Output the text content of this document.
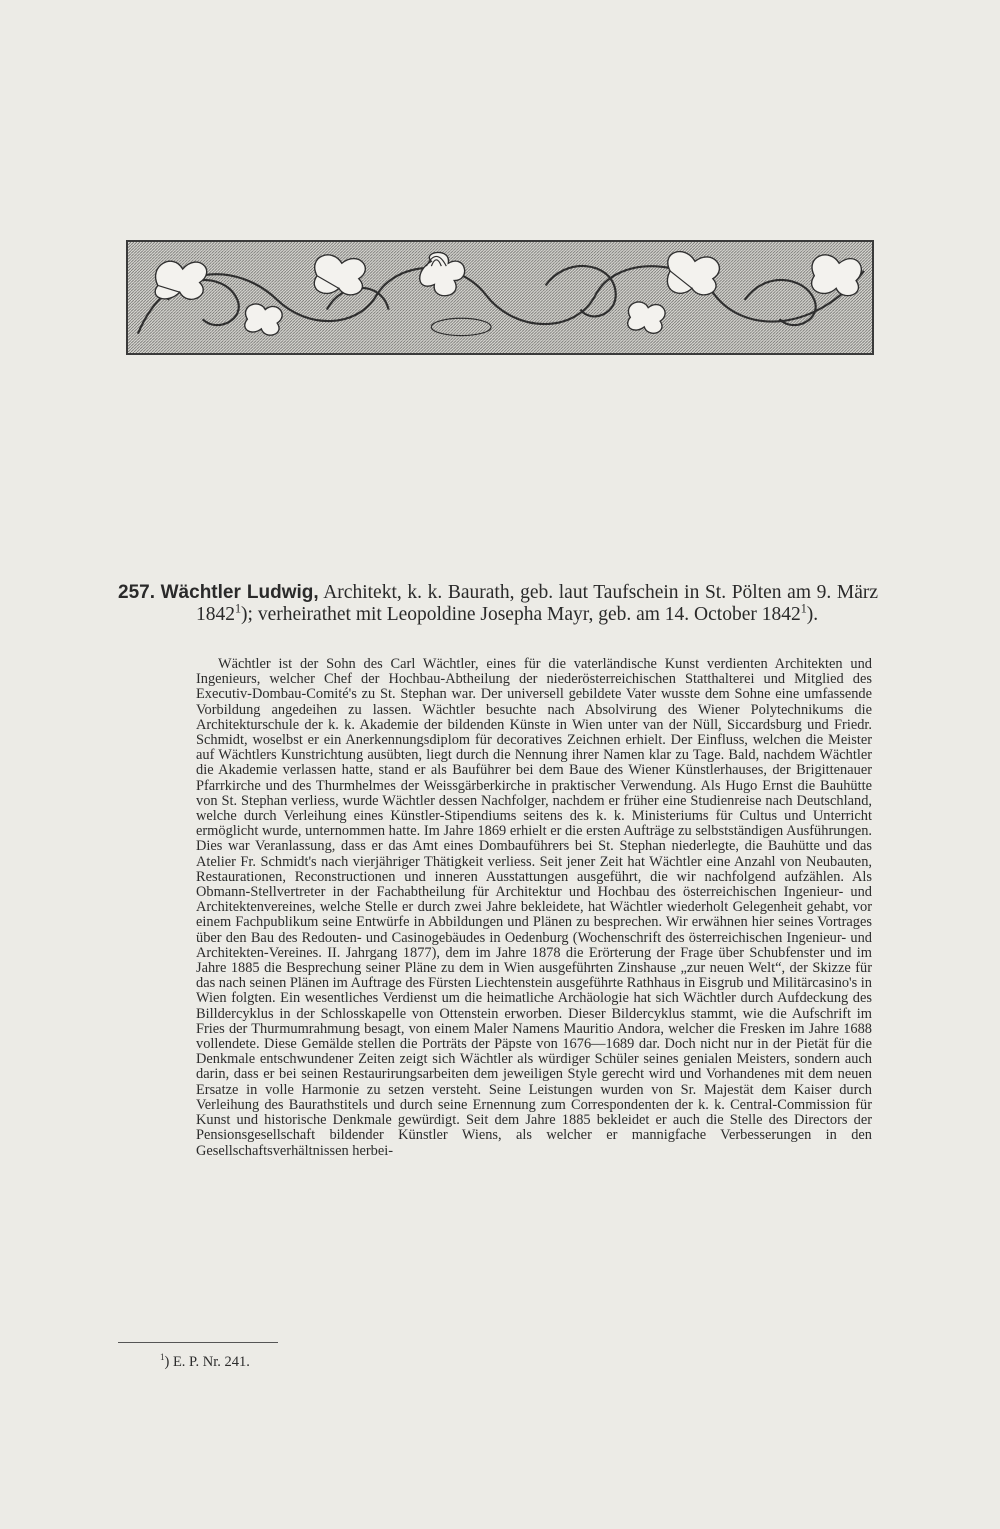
257. Wächtler Ludwig, Architekt, k. k. Baurath, geb. laut Taufschein in St. Pölten am 9. März 1842$^1$); verheirathet mit Leopoldine Josepha Mayr, geb. am 14. October 1842$^1$).
Wächtler ist der Sohn des Carl Wächtler, eines für die vaterländische Kunst verdienten Architekten und Ingenieurs, welcher Chef der Hochbau-Abtheilung der niederösterreichischen Statthalterei und Mitglied des Executiv-Dombau-Comité's zu St. Stephan war. Der universell gebildete Vater wusste dem Sohne eine umfassende Vorbildung angedeihen zu lassen. Wächtler besuchte nach Absolvirung des Wiener Polytechnikums die Architekturschule der k. k. Akademie der bildenden Künste in Wien unter van der Nüll, Siccardsburg und Friedr. Schmidt, woselbst er ein Anerkennungsdiplom für decoratives Zeichnen erhielt. Der Einfluss, welchen die Meister auf Wächtlers Kunstrichtung ausübten, liegt durch die Nennung ihrer Namen klar zu Tage. Bald, nachdem Wächtler die Akademie verlassen hatte, stand er als Bauführer bei dem Baue des Wiener Künstlerhauses, der Brigittenauer Pfarrkirche und des Thurmhelmes der Weissgärberkirche in praktischer Verwendung. Als Hugo Ernst die Bauhütte von St. Stephan verliess, wurde Wächtler dessen Nachfolger, nachdem er früher eine Studienreise nach Deutschland, welche durch Verleihung eines Künstler-Stipendiums seitens des k. k. Ministeriums für Cultus und Unterricht ermöglicht wurde, unternommen hatte. Im Jahre 1869 erhielt er die ersten Aufträge zu selbstständigen Ausführungen. Dies war Veranlassung, dass er das Amt eines Dombauführers bei St. Stephan niederlegte, die Bauhütte und das Atelier Fr. Schmidt's nach vierjähriger Thätigkeit verliess. Seit jener Zeit hat Wächtler eine Anzahl von Neubauten, Restaurationen, Reconstructionen und inneren Ausstattungen ausgeführt, die wir nachfolgend aufzählen. Als Obmann-Stellvertreter in der Fachabtheilung für Architektur und Hochbau des österreichischen Ingenieur- und Architektenvereines, welche Stelle er durch zwei Jahre bekleidete, hat Wächtler wiederholt Gelegenheit gehabt, vor einem Fachpublikum seine Entwürfe in Abbildungen und Plänen zu besprechen. Wir erwähnen hier seines Vortrages über den Bau des Redouten- und Casinogebäudes in Oedenburg (Wochenschrift des österreichischen Ingenieur- und Architekten-Vereines. II. Jahrgang 1877), dem im Jahre 1878 die Erörterung der Frage über Schubfenster und im Jahre 1885 die Besprechung seiner Pläne zu dem in Wien ausgeführten Zinshause „zur neuen Welt“, der Skizze für das nach seinen Plänen im Auftrage des Fürsten Liechtenstein ausgeführte Rathhaus in Eisgrub und Militärcasino's in Wien folgten. Ein wesentliches Verdienst um die heimatliche Archäologie hat sich Wächtler durch Aufdeckung des Billdercyklus in der Schlosskapelle von Ottenstein erworben. Dieser Bildercyklus stammt, wie die Aufschrift im Fries der Thurmumrahmung besagt, von einem Maler Namens Mauritio Andora, welcher die Fresken im Jahre 1688 vollendete. Diese Gemälde stellen die Porträts der Päpste von 1676—1689 dar. Doch nicht nur in der Pietät für die Denkmale entschwundener Zeiten zeigt sich Wächtler als würdiger Schüler seines genialen Meisters, sondern auch darin, dass er bei seinen Restaurirungsarbeiten dem jeweiligen Style gerecht wird und Vorhandenes mit dem neuen Ersatze in volle Harmonie zu setzen versteht. Seine Leistungen wurden von Sr. Majestät dem Kaiser durch Verleihung des Baurathstitels und durch seine Ernennung zum Correspondenten der k. k. Central-Commission für Kunst und historische Denkmale gewürdigt. Seit dem Jahre 1885 bekleidet er auch die Stelle des Directors der Pensionsgesellschaft bildender Künstler Wiens, als welcher er mannigfache Verbesserungen in den Gesellschaftsverhältnissen herbei-
$^1$) E. P. Nr. 241.
